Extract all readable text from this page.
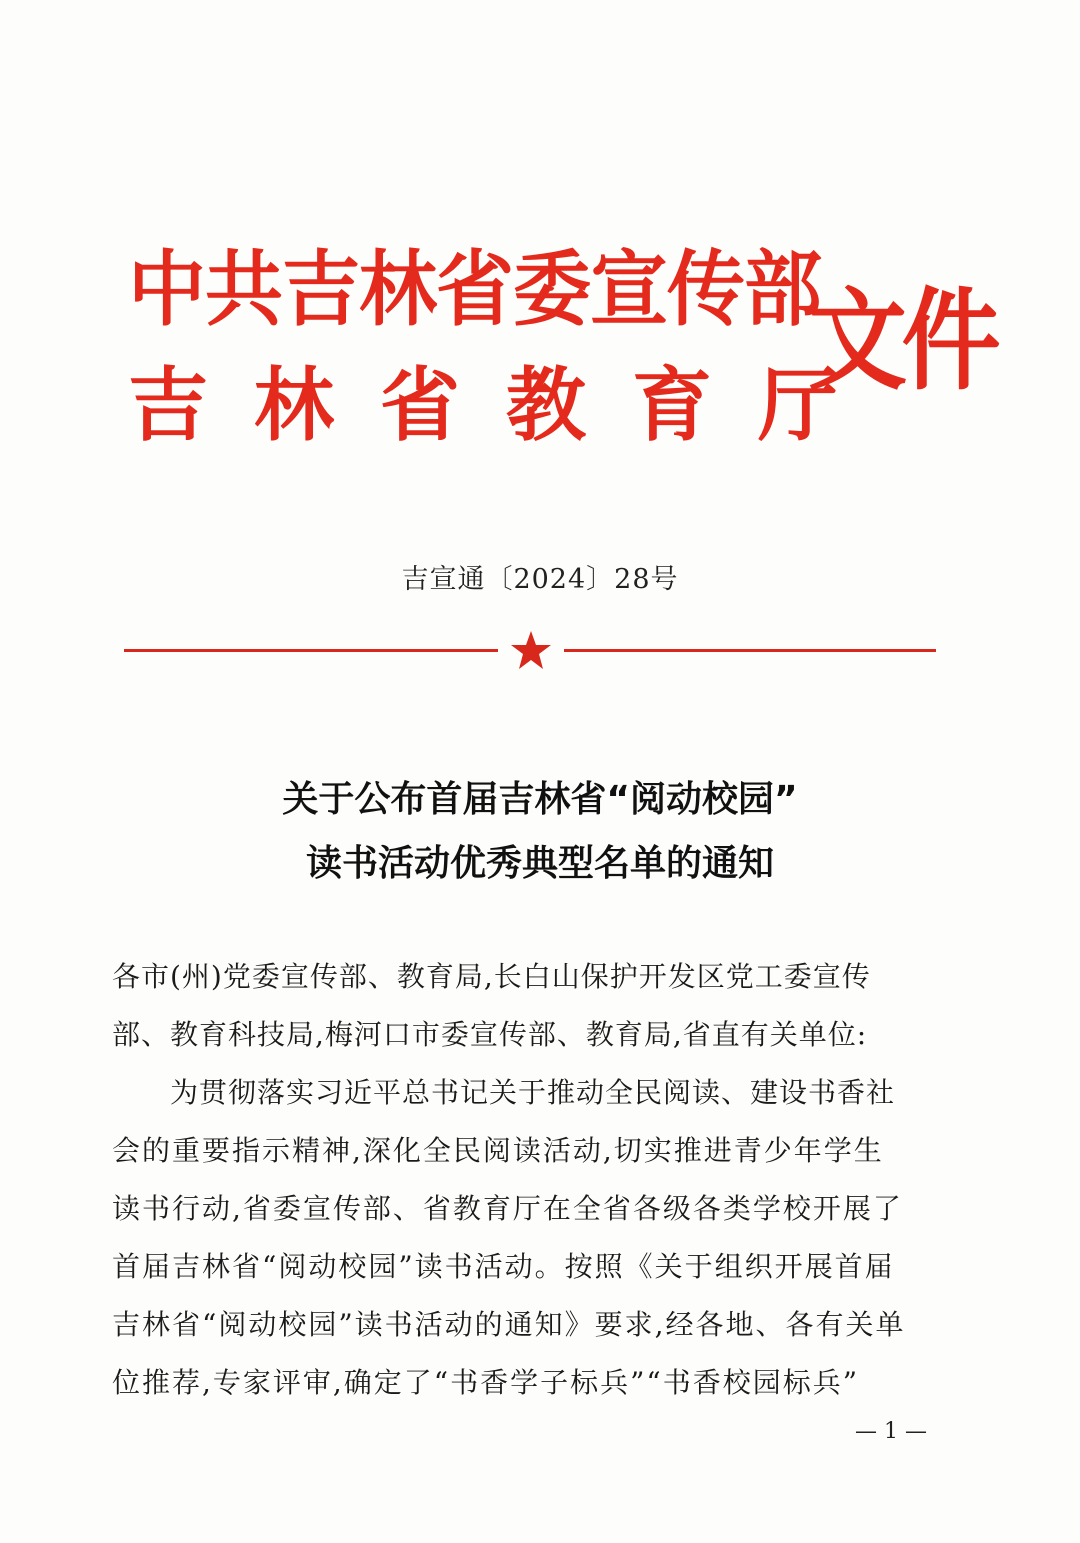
中共吉林省委宣传部
吉林省教育厅
文件
吉宣通〔2024〕28号
关于公布首届吉林省“阅动校园”
读书活动优秀典型名单的通知
各市(州)党委宣传部、教育局,长白山保护开发区党工委宣传
部、教育科技局,梅河口市委宣传部、教育局,省直有关单位:
为贯彻落实习近平总书记关于推动全民阅读、建设书香社
会的重要指示精神,深化全民阅读活动,切实推进青少年学生
读书行动,省委宣传部、省教育厅在全省各级各类学校开展了
首届吉林省“阅动校园”读书活动。按照《关于组织开展首届
吉林省“阅动校园”读书活动的通知》要求,经各地、各有关单
位推荐,专家评审,确定了“书香学子标兵”“书香校园标兵”
— 1 —
